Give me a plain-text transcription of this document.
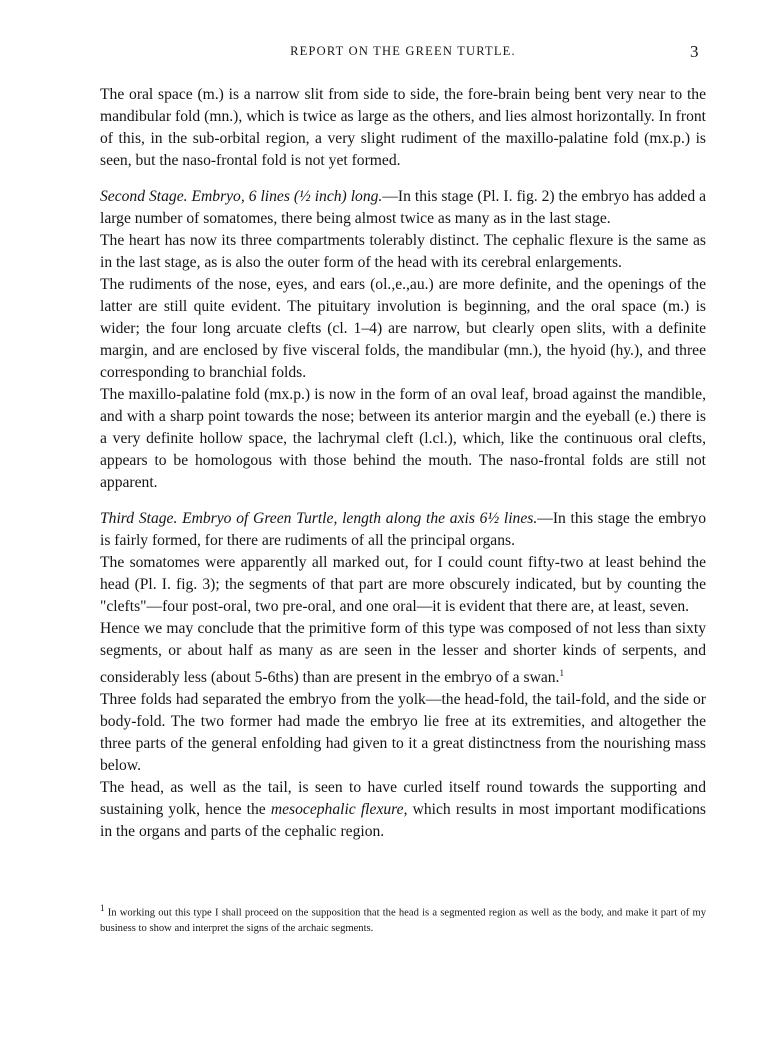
REPORT ON THE GREEN TURTLE.	3

The oral space (m.) is a narrow slit from side to side, the fore-brain being bent very near to the mandibular fold (mn.), which is twice as large as the others, and lies almost horizontally. In front of this, in the sub-orbital region, a very slight rudiment of the maxillo-palatine fold (mx.p.) is seen, but the naso-frontal fold is not yet formed.

Second Stage. Embryo, 6 lines (½ inch) long.—In this stage (Pl. I. fig. 2) the embryo has added a large number of somatomes, there being almost twice as many as in the last stage.

The heart has now its three compartments tolerably distinct. The cephalic flexure is the same as in the last stage, as is also the outer form of the head with its cerebral enlargements.

The rudiments of the nose, eyes, and ears (ol.,e.,au.) are more definite, and the openings of the latter are still quite evident. The pituitary involution is beginning, and the oral space (m.) is wider; the four long arcuate clefts (cl. 1–4) are narrow, but clearly open slits, with a definite margin, and are enclosed by five visceral folds, the mandibular (mn.), the hyoid (hy.), and three corresponding to branchial folds.

The maxillo-palatine fold (mx.p.) is now in the form of an oval leaf, broad against the mandible, and with a sharp point towards the nose; between its anterior margin and the eyeball (e.) there is a very definite hollow space, the lachrymal cleft (l.cl.), which, like the continuous oral clefts, appears to be homologous with those behind the mouth. The naso-frontal folds are still not apparent.

Third Stage. Embryo of Green Turtle, length along the axis 6½ lines.—In this stage the embryo is fairly formed, for there are rudiments of all the principal organs.

The somatomes were apparently all marked out, for I could count fifty-two at least behind the head (Pl. I. fig. 3); the segments of that part are more obscurely indicated, but by counting the "clefts"—four post-oral, two pre-oral, and one oral—it is evident that there are, at least, seven.

Hence we may conclude that the primitive form of this type was composed of not less than sixty segments, or about half as many as are seen in the lesser and shorter kinds of serpents, and considerably less (about 5-6ths) than are present in the embryo of a swan.$^1$

Three folds had separated the embryo from the yolk—the head-fold, the tail-fold, and the side or body-fold. The two former had made the embryo lie free at its extremities, and altogether the three parts of the general enfolding had given to it a great distinctness from the nourishing mass below.

The head, as well as the tail, is seen to have curled itself round towards the supporting and sustaining yolk, hence the mesocephalic flexure, which results in most important modifications in the organs and parts of the cephalic region.

$^1$ In working out this type I shall proceed on the supposition that the head is a segmented region as well as the body, and make it part of my business to show and interpret the signs of the archaic segments.
